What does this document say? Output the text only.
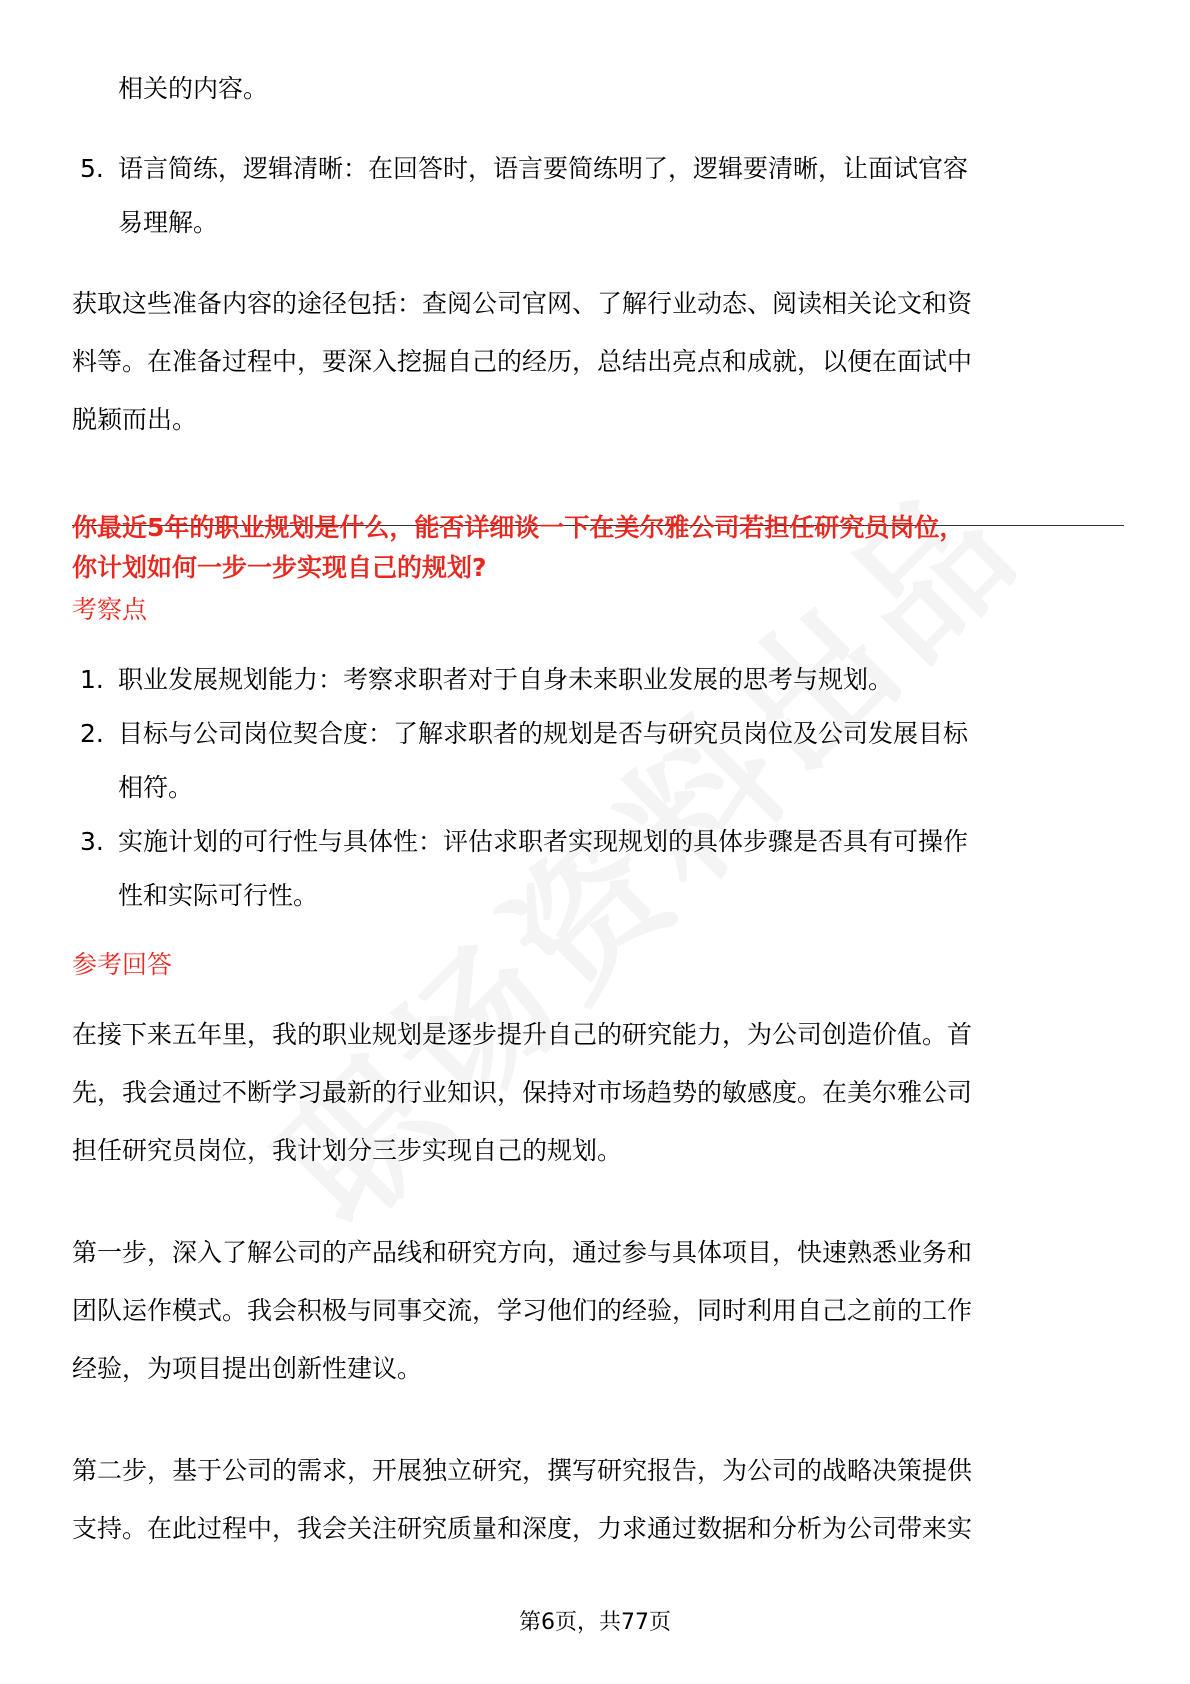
相关的内容。
5. 语言简练，逻辑清晰：在回答时，语言要简练明了，逻辑要清晰，让面试官容
易理解。
获取这些准备内容的途径包括：查阅公司官网、了解行业动态、阅读相关论文和资
料等。在准备过程中，要深入挖掘自己的经历，总结出亮点和成就，以便在面试中
脱颖而出。
你最近5年的职业规划是什么，能否详细谈一下在美尔雅公司若担任研究员岗位，
你计划如何一步一步实现自己的规划?
考察点
1. 职业发展规划能力：考察求职者对于自身未来职业发展的思考与规划。
2. 目标与公司岗位契合度：了解求职者的规划是否与研究员岗位及公司发展目标
相符。
3. 实施计划的可行性与具体性：评估求职者实现规划的具体步骤是否具有可操作
性和实际可行性。
参考回答
在接下来五年里，我的职业规划是逐步提升自己的研究能力，为公司创造价值。首
先，我会通过不断学习最新的行业知识，保持对市场趋势的敏感度。在美尔雅公司
担任研究员岗位，我计划分三步实现自己的规划。
第一步，深入了解公司的产品线和研究方向，通过参与具体项目，快速熟悉业务和
团队运作模式。我会积极与同事交流，学习他们的经验，同时利用自己之前的工作
经验，为项目提出创新性建议。
第二步，基于公司的需求，开展独立研究，撰写研究报告，为公司的战略决策提供
支持。在此过程中，我会关注研究质量和深度，力求通过数据和分析为公司带来实
第6页，共77页
